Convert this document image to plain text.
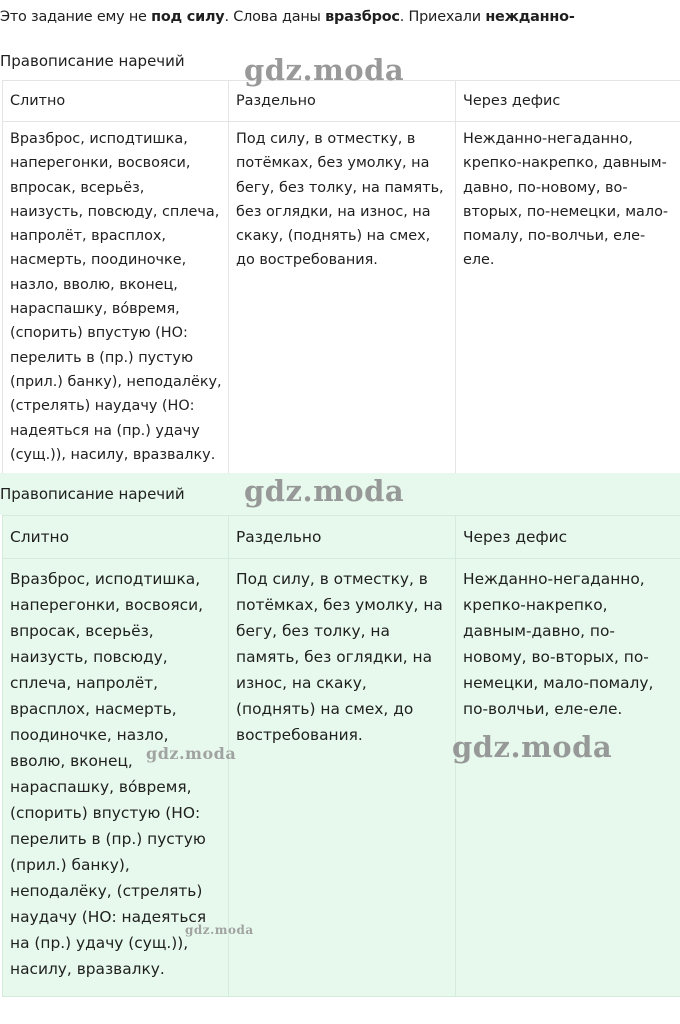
Это задание ему не под силу. Слова даны вразброс. Приехали нежданно-
Правописание наречий
Слитно	Раздельно	Через дефис
Вразброс, исподтишка, наперегонки, восвояси, впросак, всерьёз, наизусть, повсюду, сплеча, напролёт, врасплох, насмерть, поодиночке, назло, вволю, вконец, нараспашку, во́время, (спорить) впустую (НО: перелить в (пр.) пустую (прил.) банку), неподалёку, (стрелять) наудачу (НО: надеяться на (пр.) удачу (сущ.)), насилу, вразвалку.	Под силу, в отместку, в потёмках, без умолку, на бегу, без толку, на память, без оглядки, на износ, на скаку, (поднять) на смех, до востребования.	Нежданно-негаданно, крепко-накрепко, давным-давно, по-новому, во-вторых, по-немецки, мало-помалу, по-волчьи, еле-еле.
Правописание наречий
Слитно	Раздельно	Через дефис
Вразброс, исподтишка, наперегонки, восвояси, впросак, всерьёз, наизусть, повсюду, сплеча, напролёт, врасплох, насмерть, поодиночке, назло, вволю, вконец, нараспашку, во́время, (спорить) впустую (НО: перелить в (пр.) пустую (прил.) банку), неподалёку, (стрелять) наудачу (НО: надеяться на (пр.) удачу (сущ.)), насилу, вразвалку.	Под силу, в отместку, в потёмках, без умолку, на бегу, без толку, на память, без оглядки, на износ, на скаку, (поднять) на смех, до востребования.	Нежданно-негаданно, крепко-накрепко, давным-давно, по-новому, во-вторых, по-немецки, мало-помалу, по-волчьи, еле-еле.
gdz.moda
gdz.moda
gdz.moda
gdz.moda
gdz.moda
